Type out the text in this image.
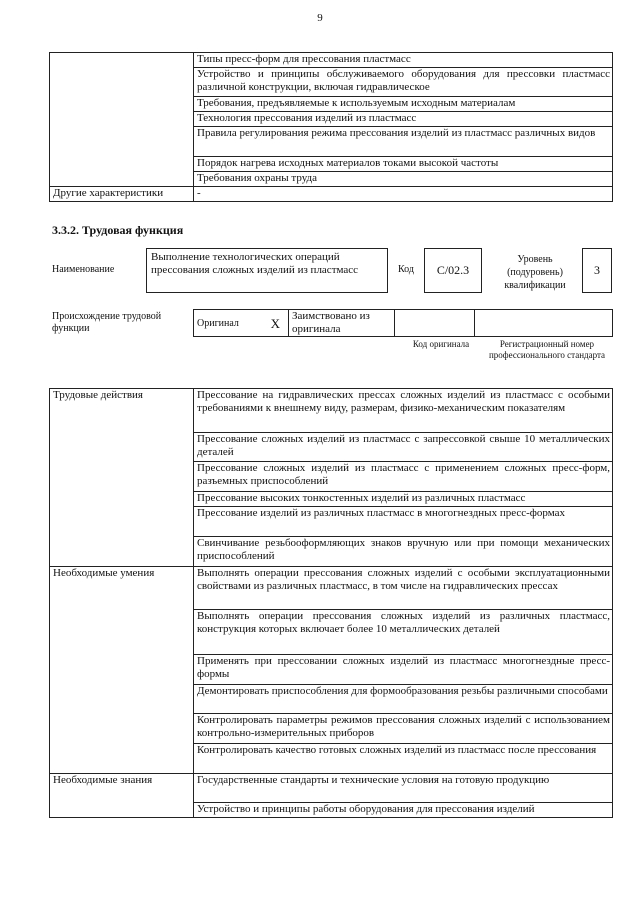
9
	Типы пресс-форм для прессования пластмасс
	Устройство и принципы обслуживаемого оборудования для прессовки пластмасс различной конструкции, включая гидравлическое
	Требования, предъявляемые к используемым исходным материалам
	Технология прессования изделий из пластмасс
	Правила регулирования режима прессования изделий из пластмасс различных видов
	Порядок нагрева исходных материалов токами высокой частоты
	Требования охраны труда
Другие характеристики	-
3.3.2. Трудовая функция
Наименование
Выполнение технологических операций прессования сложных изделий из пластмасс	Код	C/02.3
Уровень (подуровень) квалификации
3
Происхождение трудовой функции	Оригинал X	Заимствовано из оригинала		
Код оригинала	Регистрационный номер профессионального стандарта
Трудовые действия	Прессование на гидравлических прессах сложных изделий из пластмасс с особыми требованиями к внешнему виду, размерам, физико-механическим показателям
	Прессование сложных изделий из пластмасс с запрессовкой свыше 10 металлических деталей
	Прессование сложных изделий из пластмасс с применением сложных пресс-форм, разъемных приспособлений
	Прессование высоких тонкостенных изделий из различных пластмасс
	Прессование изделий из различных пластмасс в многогнездных пресс-формах
	Свинчивание резьбооформляющих знаков вручную или при помощи механических приспособлений
Необходимые умения	Выполнять операции прессования сложных изделий с особыми эксплуатационными свойствами из различных пластмасс, в том числе на гидравлических прессах
	Выполнять операции прессования сложных изделий из различных пластмасс, конструкция которых включает более 10 металлических деталей
	Применять при прессовании сложных изделий из пластмасс многогнездные пресс-формы
	Демонтировать приспособления для формообразования резьбы различными способами
	Контролировать параметры режимов прессования сложных изделий с использованием контрольно-измерительных приборов
	Контролировать качество готовых сложных изделий из пластмасс после прессования
Необходимые знания	Государственные стандарты и технические условия на готовую продукцию
	Устройство и принципы работы оборудования для прессования изделий
